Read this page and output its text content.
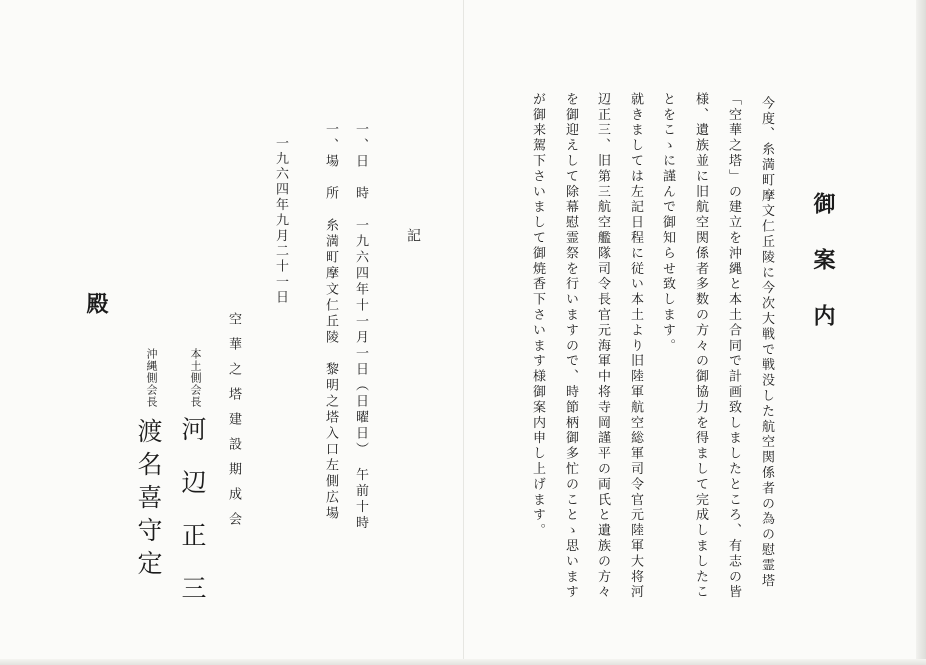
御案内
今度、糸満町摩文仁丘陵に今次大戦で戦没した航空関係者の為の慰霊塔
「空華之塔」の建立を沖縄と本土合同で計画致しましたところ、有志の皆
様、遺族並に旧航空関係者多数の方々の御協力を得まして完成しましたこ
とをこゝに謹んで御知らせ致します。
就きましては左記日程に従い本土より旧陸軍航空総軍司令官元陸軍大将河
辺正三、旧第三航空艦隊司令長官元海軍中将寺岡謹平の両氏と遺族の方々
を御迎えして除幕慰霊祭を行いますので、時節柄御多忙のことゝ思います
が御来駕下さいまして御焼香下さいます様御案内申し上げます。
記
一、日　時　一九六四年十一月一日（日曜日）　午前十時
一、場　所　糸満町摩文仁丘陵　黎明之塔入口左側広場
一九六四年九月二十一日
空華之塔建設期成会
本土側会長
河辺正三
沖縄側会長
渡名喜守定
殿
